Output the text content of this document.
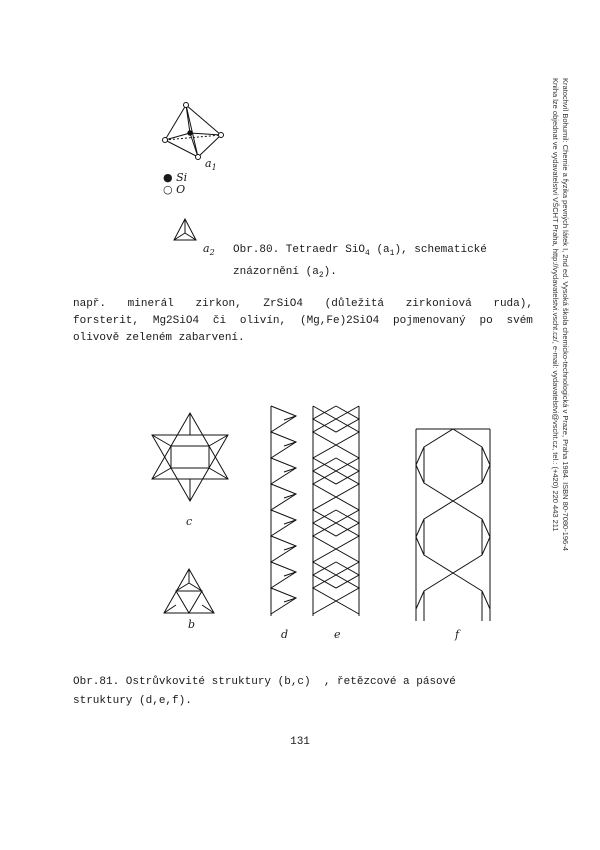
Kratochvíl Bohumil: Chemie a fyzika pevných látek I, 2nd ed. Vysoká škola chemicko-technologická v Praze, Praha 1984. ISBN 80-7080-196-4
Kniha lze objednat ve vydavatelství VŠCHT Praha, http://vydavatelstvi.vscht.cz/, e-mail: vydavatelstvi@vscht.cz, tel.: (+420) 220 443 211
$a_1$
● Si
○ O
$a_2$ Obr.80. Tetraedr SiO$_4$ $(a_1)$, schematické
znázornění $(a_2)$.
např. minerál zirkon, ZrSiO4 (důležitá zirkoniová ruda),
forsterit, Mg2SiO4 či olivín, (Mg,Fe)2SiO4 pojmenovaný po svém
olivově zeleném zabarvení.
c
b
d	e	f
Obr.81. Ostrůvkovité struktury (b,c)  , řetězcové a pásové
struktury (d,e,f).
131
